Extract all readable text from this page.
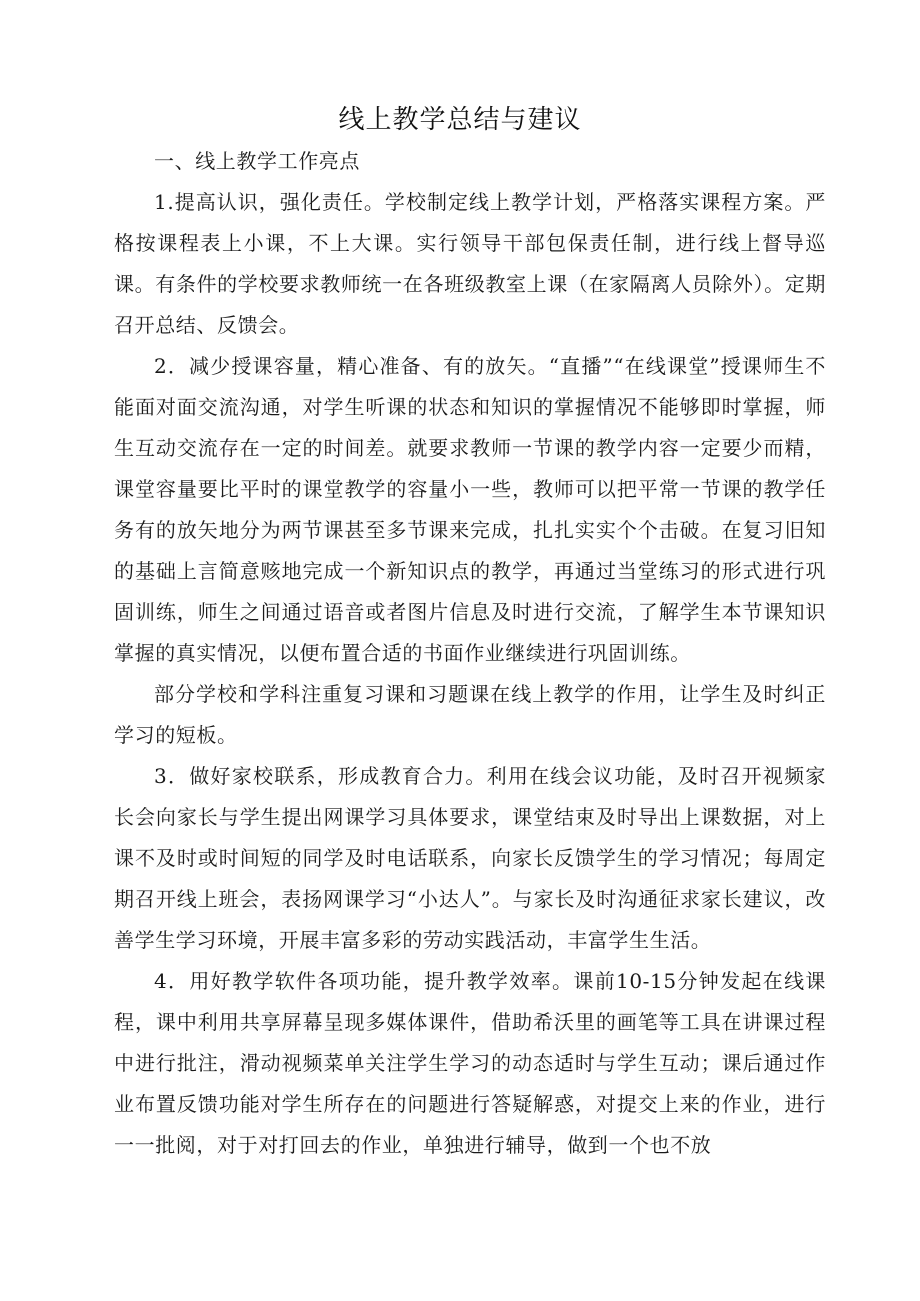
线上教学总结与建议

一、线上教学工作亮点

1.提高认识，强化责任。学校制定线上教学计划，严格落实课程方案。严格按课程表上小课，不上大课。实行领导干部包保责任制，进行线上督导巡课。有条件的学校要求教师统一在各班级教室上课（在家隔离人员除外）。定期召开总结、反馈会。

2．减少授课容量，精心准备、有的放矢。“直播”“在线课堂”授课师生不能面对面交流沟通，对学生听课的状态和知识的掌握情况不能够即时掌握，师生互动交流存在一定的时间差。就要求教师一节课的教学内容一定要少而精，课堂容量要比平时的课堂教学的容量小一些，教师可以把平常一节课的教学任务有的放矢地分为两节课甚至多节课来完成，扎扎实实个个击破。在复习旧知的基础上言简意赅地完成一个新知识点的教学，再通过当堂练习的形式进行巩固训练，师生之间通过语音或者图片信息及时进行交流，了解学生本节课知识掌握的真实情况，以便布置合适的书面作业继续进行巩固训练。

部分学校和学科注重复习课和习题课在线上教学的作用，让学生及时纠正学习的短板。

3．做好家校联系，形成教育合力。利用在线会议功能，及时召开视频家长会向家长与学生提出网课学习具体要求，课堂结束及时导出上课数据，对上课不及时或时间短的同学及时电话联系，向家长反馈学生的学习情况；每周定期召开线上班会，表扬网课学习“小达人”。与家长及时沟通征求家长建议，改善学生学习环境，开展丰富多彩的劳动实践活动，丰富学生生活。

4．用好教学软件各项功能，提升教学效率。课前10-15分钟发起在线课程，课中利用共享屏幕呈现多媒体课件，借助希沃里的画笔等工具在讲课过程中进行批注，滑动视频菜单关注学生学习的动态适时与学生互动；课后通过作业布置反馈功能对学生所存在的问题进行答疑解惑，对提交上来的作业，进行一一批阅，对于对打回去的作业，单独进行辅导，做到一个也不放
